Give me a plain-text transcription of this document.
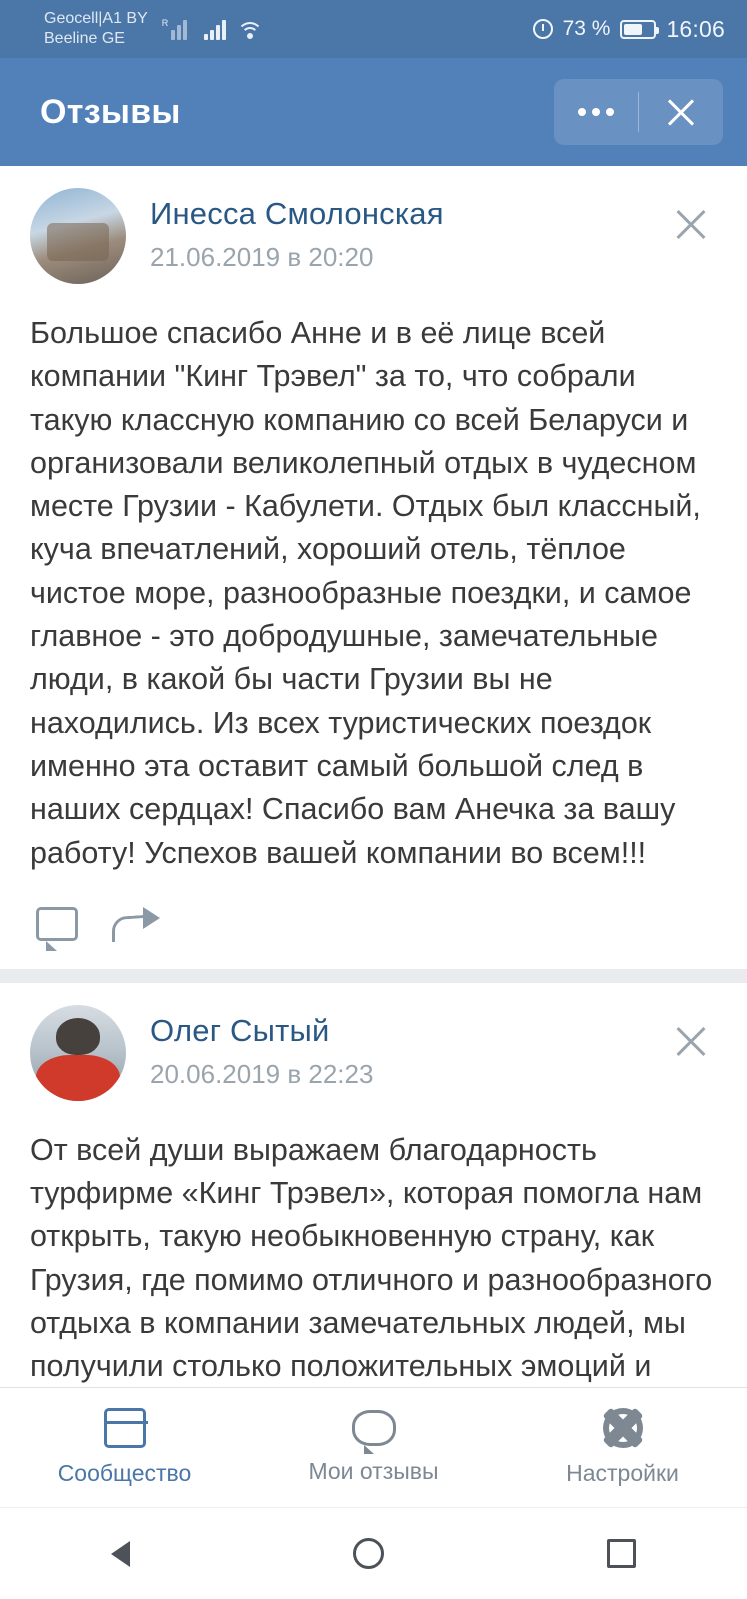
Geocell|A1 BY
Beeline GE
R	73 % 16:06
Отзывы
Инесса Смолонская
21.06.2019 в 20:20
Большое спасибо Анне и в её лице всей компании "Кинг Трэвел" за то, что собрали такую классную компанию со всей Беларуси и организовали великолепный отдых в чудесном месте Грузии - Кабулети. Отдых был классный, куча впечатлений, хороший отель, тёплое чистое море, разнообразные поездки, и самое главное - это добродушные, замечательные люди, в какой бы части Грузии вы не находились. Из всех туристических поездок именно эта оставит самый большой след в наших сердцах! Спасибо вам Анечка за вашу работу! Успехов вашей компании во всем!!!
Олег Сытый
20.06.2019 в 22:23
От всей души выражаем благодарность турфирме «Кинг Трэвел», которая помогла нам открыть, такую необыкновенную страну, как Грузия, где помимо отличного и разнообразного отдыха в компании замечательных людей, мы получили столько положительных эмоций и
Сообщество	Мои отзывы	Настройки
